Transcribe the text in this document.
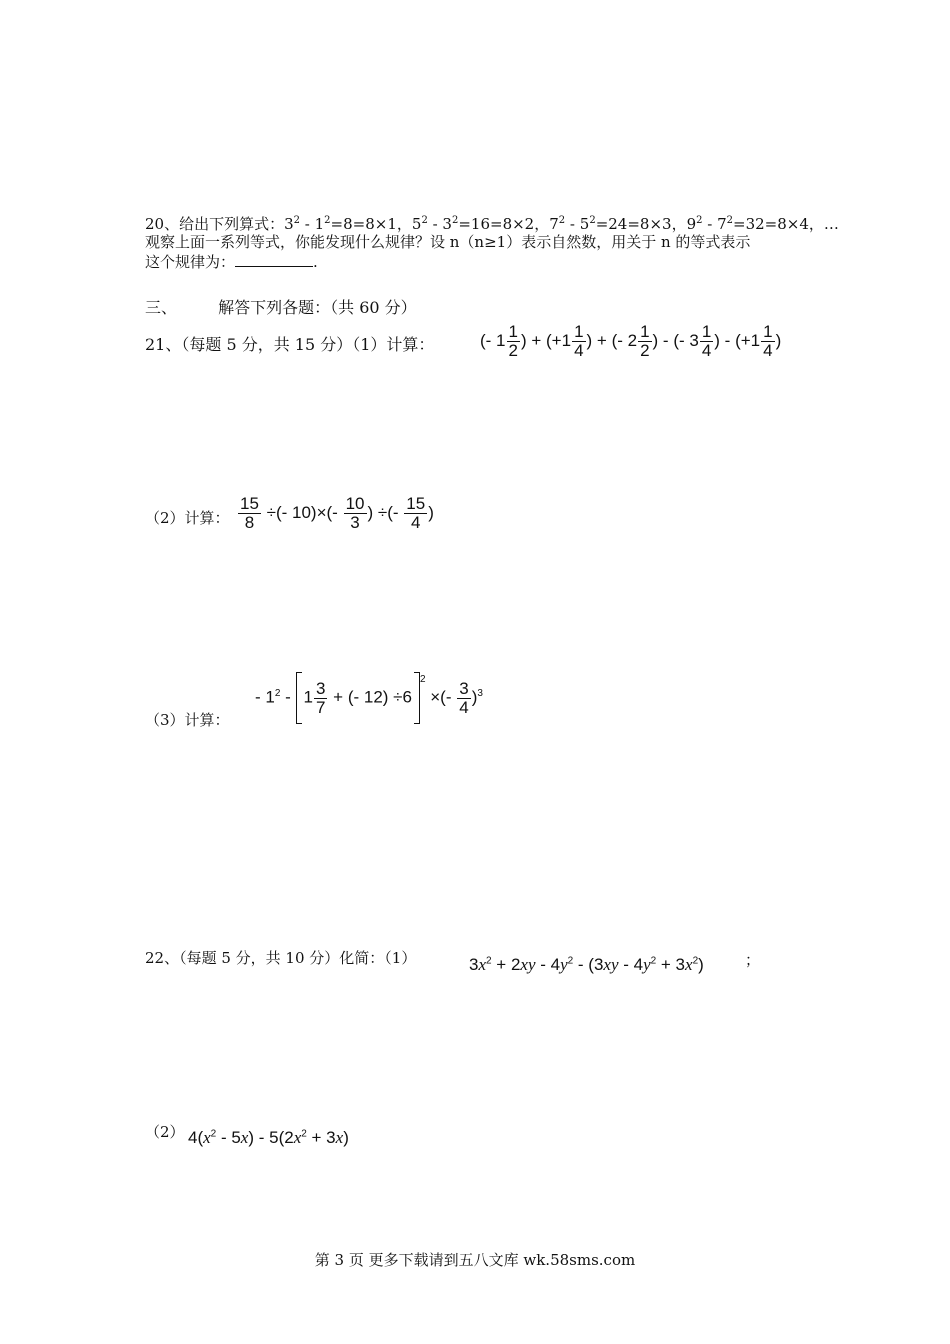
20、给出下列算式：$3^2 - 1^2=8=8\times 1$，$5^2 - 3^2=16=8\times 2$，$7^2 - 5^2=24=8\times 3$，$9^2 - 7^2=32=8\times 4$，…
观察上面一系列等式，你能发现什么规律？设 n（n≥1）表示自然数，用关于 n 的等式表示
这个规律为：	.
三、	解答下列各题：（共 60 分）
21、（每题 5 分，共 15 分）（1）计算：	(- $1 \frac{1}{2}$ ) + ($+1 \frac{1}{4}$ ) + (- $2 \frac{1}{2}$ ) - (- $3 \frac{1}{4}$ ) - ($+1 \frac{1}{4}$ )
（2）计算： $\frac{15}{8}$ ÷(- $10)\times(- \frac{10}{3}$ ) ÷(- $\frac{15}{4}$ )
（3）计算：
- $1^2 - 1 \frac{3}{7}$ + (- $12) \div 6^2$ ×(- $\frac{3}{4} )^3$
22、（每题 5 分，共 10 分）化简：（1）	$3x^2 + 2xy - 4y^2 - (3xy - 4y^2 + 3x^2)$	；
（2） $4(x^2 - 5x) - 5(2x^2 + 3x)$
第 3 页 更多下载请到五八文库 wk.58sms.com
